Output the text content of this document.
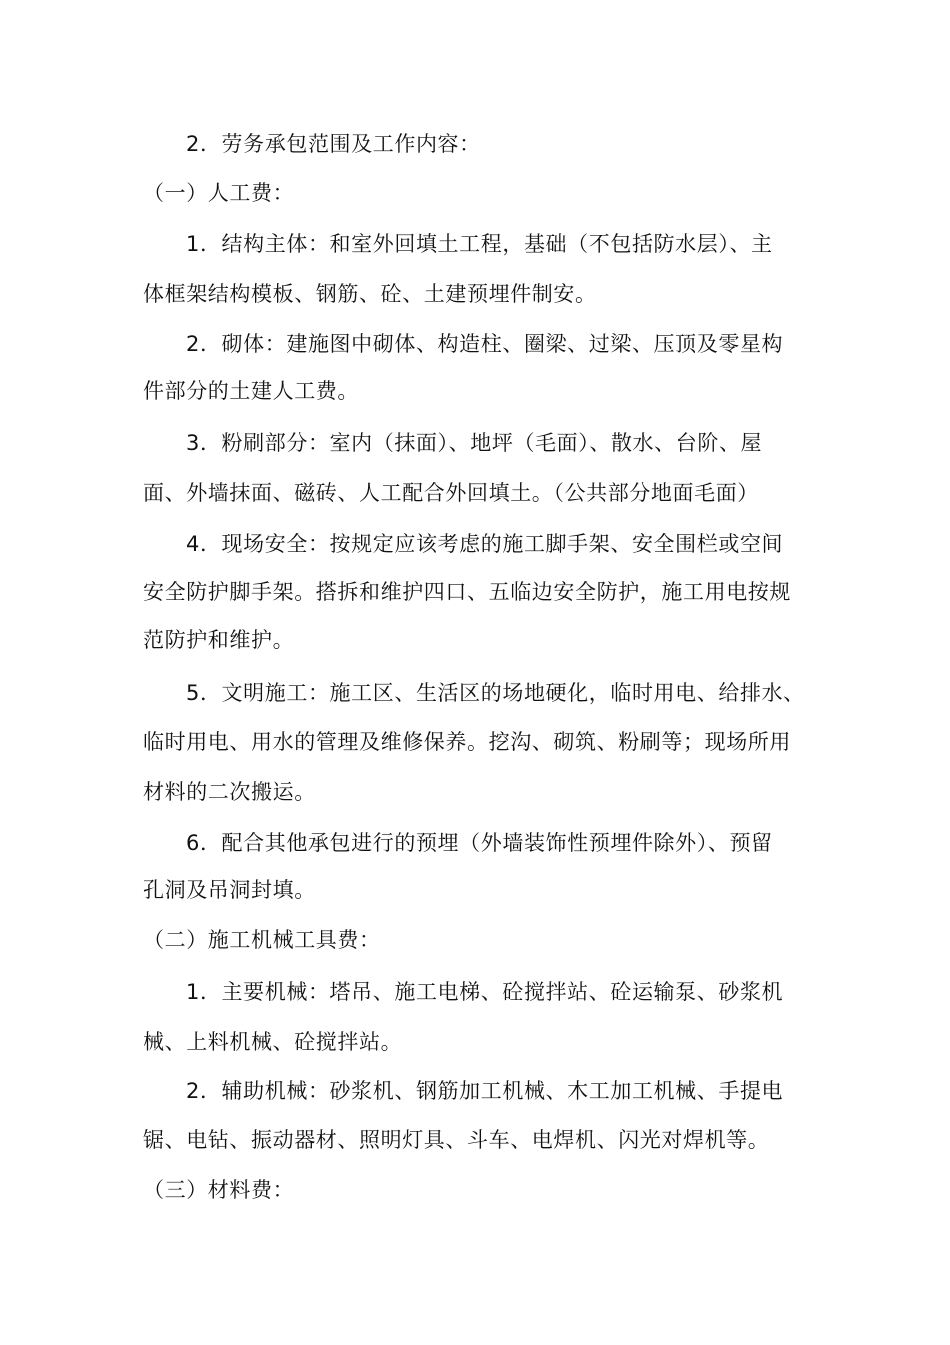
2．劳务承包范围及工作内容：
（一）人工费：
1．结构主体：和室外回填土工程，基础（不包括防水层）、主
体框架结构模板、钢筋、砼、土建预埋件制安。
2．砌体：建施图中砌体、构造柱、圈梁、过梁、压顶及零星构
件部分的土建人工费。
3．粉刷部分：室内（抹面）、地坪（毛面）、散水、台阶、屋
面、外墙抹面、磁砖、人工配合外回填土。（公共部分地面毛面）
4．现场安全：按规定应该考虑的施工脚手架、安全围栏或空间
安全防护脚手架。搭拆和维护四口、五临边安全防护，施工用电按规
范防护和维护。
5．文明施工：施工区、生活区的场地硬化，临时用电、给排水、
临时用电、用水的管理及维修保养。挖沟、砌筑、粉刷等；现场所用
材料的二次搬运。
6．配合其他承包进行的预埋（外墙装饰性预埋件除外）、预留
孔洞及吊洞封填。
（二）施工机械工具费：
1．主要机械：塔吊、施工电梯、砼搅拌站、砼运输泵、砂浆机
械、上料机械、砼搅拌站。
2．辅助机械：砂浆机、钢筋加工机械、木工加工机械、手提电
锯、电钻、振动器材、照明灯具、斗车、电焊机、闪光对焊机等。
（三）材料费：
